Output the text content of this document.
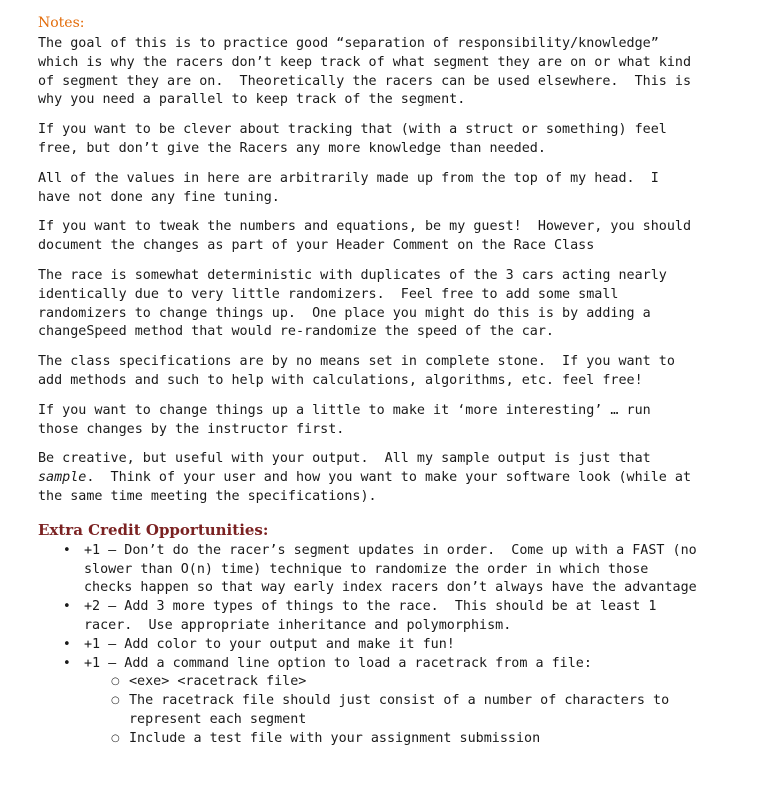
Notes:

The goal of this is to practice good “separation of responsibility/knowledge”
which is why the racers don’t keep track of what segment they are on or what kind
of segment they are on.  Theoretically the racers can be used elsewhere.  This is
why you need a parallel to keep track of the segment.

If you want to be clever about tracking that (with a struct or something) feel
free, but don’t give the Racers any more knowledge than needed.

All of the values in here are arbitrarily made up from the top of my head.  I
have not done any fine tuning.

If you want to tweak the numbers and equations, be my guest!  However, you should
document the changes as part of your Header Comment on the Race Class

The race is somewhat deterministic with duplicates of the 3 cars acting nearly
identically due to very little randomizers.  Feel free to add some small
randomizers to change things up.  One place you might do this is by adding a
changeSpeed method that would re-randomize the speed of the car.

The class specifications are by no means set in complete stone.  If you want to
add methods and such to help with calculations, algorithms, etc. feel free!

If you want to change things up a little to make it ‘more interesting’ … run
those changes by the instructor first.

Be creative, but useful with your output.  All my sample output is just that
sample.  Think of your user and how you want to make your software look (while at
the same time meeting the specifications).

Extra Credit Opportunities:
• +1 – Don’t do the racer’s segment updates in order.  Come up with a FAST (no
slower than O(n) time) technique to randomize the order in which those
checks happen so that way early index racers don’t always have the advantage
• +2 – Add 3 more types of things to the race.  This should be at least 1
racer.  Use appropriate inheritance and polymorphism.
• +1 – Add color to your output and make it fun!
• +1 – Add a command line option to load a racetrack from a file:
○ <exe> <racetrack file>
○ The racetrack file should just consist of a number of characters to
represent each segment
○ Include a test file with your assignment submission
